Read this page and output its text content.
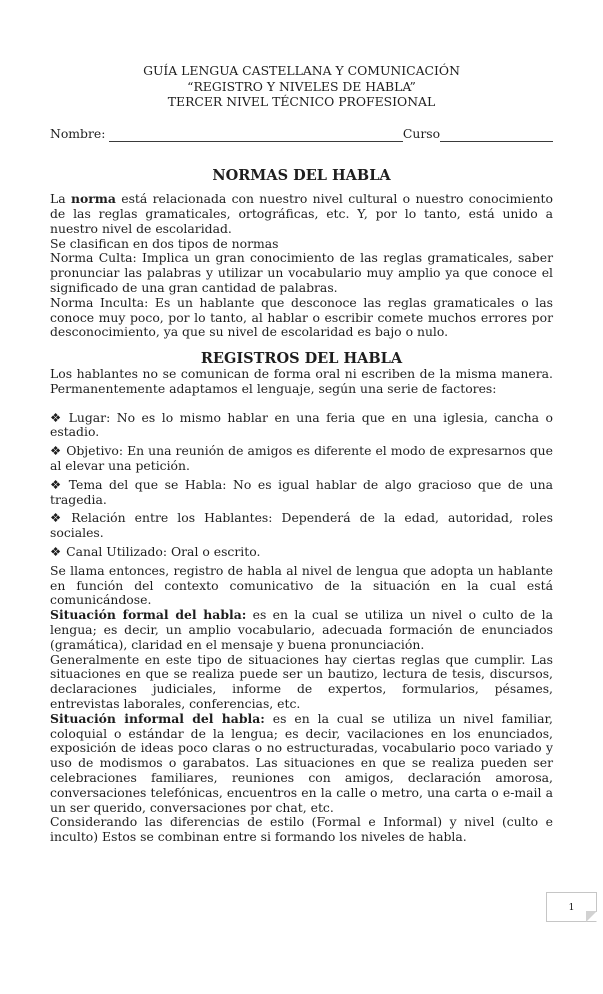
GUÍA LENGUA CASTELLANA Y COMUNICACIÓN
“REGISTRO Y NIVELES DE HABLA”
TERCER NIVEL TÉCNICO PROFESIONAL
Nombre:	Curso
NORMAS DEL HABLA

La norma está relacionada con nuestro nivel cultural o nuestro conocimiento de las reglas gramaticales, ortográficas, etc. Y, por lo tanto, está unido a nuestro nivel de escolaridad.

Se clasifican en dos tipos de normas

Norma Culta: Implica un gran conocimiento de las reglas gramaticales, saber pronunciar las palabras y utilizar un vocabulario muy amplio ya que conoce el significado de una gran cantidad de palabras.

Norma Inculta: Es un hablante que desconoce las reglas gramaticales o las conoce muy poco, por lo tanto, al hablar o escribir comete muchos errores por desconocimiento, ya que su nivel de escolaridad es bajo o nulo.

REGISTROS DEL HABLA

Los hablantes no se comunican de forma oral ni escriben de la misma manera. Permanentemente adaptamos el lenguaje, según una serie de factores:

❖ Lugar: No es lo mismo hablar en una feria que en una iglesia, cancha o estadio.

❖ Objetivo: En una reunión de amigos es diferente el modo de expresarnos que al elevar una petición.

❖ Tema del que se Habla: No es igual hablar de algo gracioso que de una tragedia.

❖ Relación entre los Hablantes: Dependerá de la edad, autoridad, roles sociales.

❖ Canal Utilizado: Oral o escrito.

Se llama entonces, registro de habla al nivel de lengua que adopta un hablante en función del contexto comunicativo de la situación en la cual está comunicándose.

Situación formal del habla: es en la cual se utiliza un nivel o culto de la lengua; es decir, un amplio vocabulario, adecuada formación de enunciados (gramática), claridad en el mensaje y buena pronunciación.

Generalmente en este tipo de situaciones hay ciertas reglas que cumplir. Las situaciones en que se realiza puede ser un bautizo, lectura de tesis, discursos, declaraciones judiciales, informe de expertos, formularios, pésames, entrevistas laborales, conferencias, etc.

Situación informal del habla: es en la cual se utiliza un nivel familiar, coloquial o estándar de la lengua; es decir, vacilaciones en los enunciados, exposición de ideas poco claras o no estructuradas, vocabulario poco variado y uso de modismos o garabatos. Las situaciones en que se realiza pueden ser celebraciones familiares, reuniones con amigos, declaración amorosa, conversaciones telefónicas, encuentros en la calle o metro, una carta o e-mail a un ser querido, conversaciones por chat, etc.

Considerando las diferencias de estilo (Formal e Informal) y nivel (culto e inculto) Estos se combinan entre si formando los niveles de habla.

1
